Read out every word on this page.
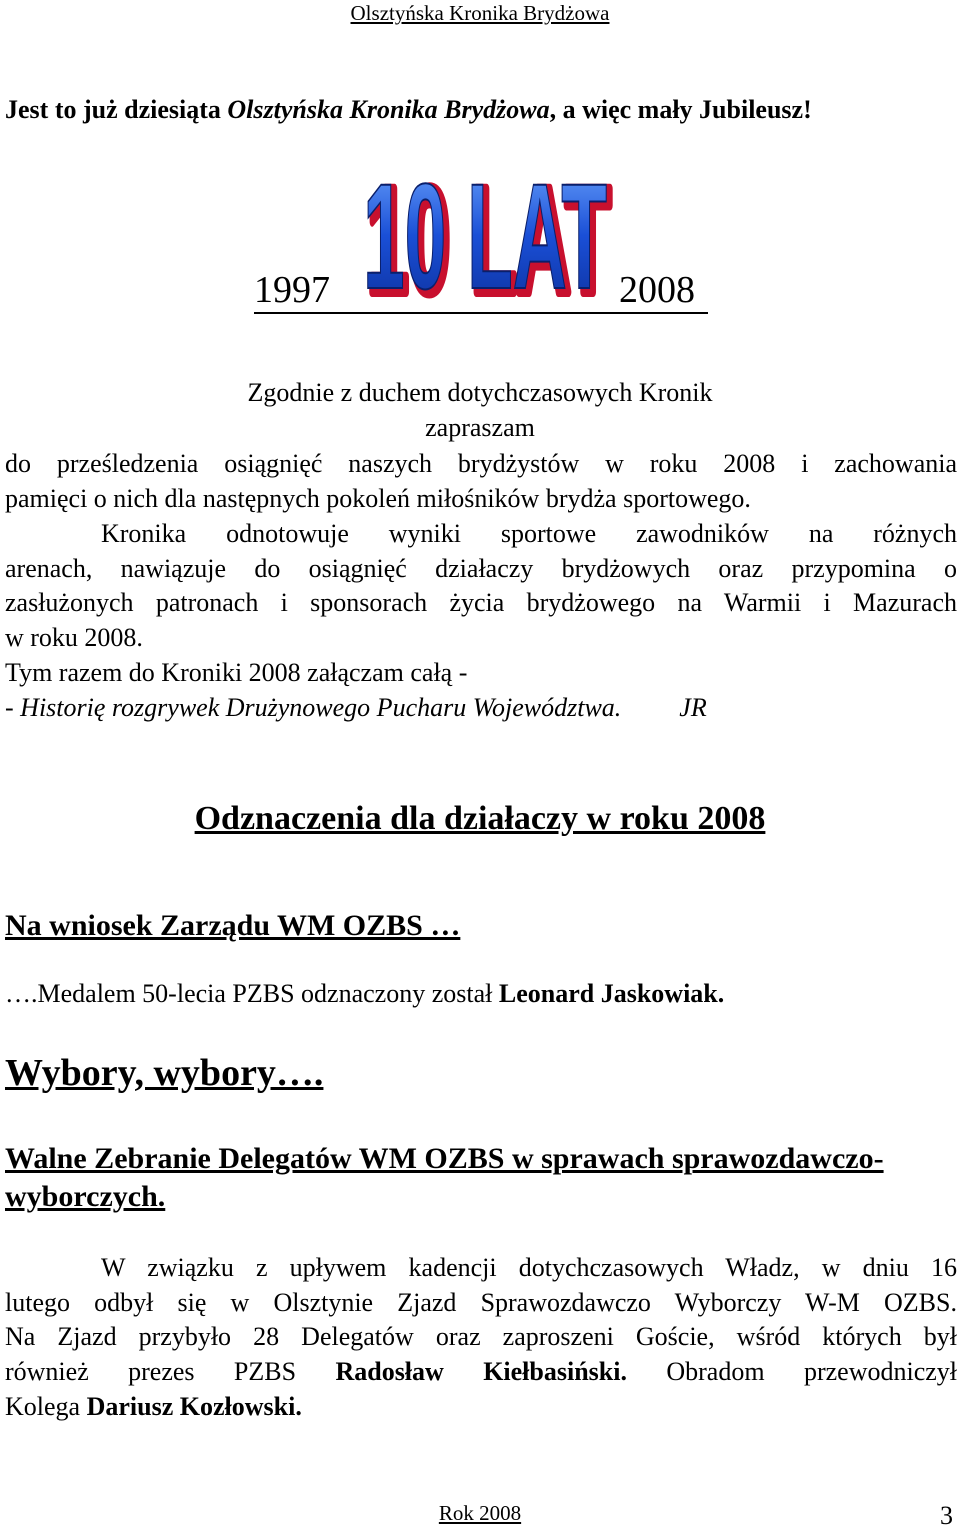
Olsztyńska Kronika Brydżowa
Jest to już dziesiąta Olsztyńska Kronika Brydżowa, a więc mały Jubileusz!
1997	2008
10 LAT
10 LAT
Zgodnie z duchem dotychczasowych Kronik
zapraszam
do prześledzenia osiągnięć naszych brydżystów w roku 2008 i zachowania
pamięci o nich dla następnych pokoleń miłośników brydża sportowego.
Kronika odnotowuje wyniki sportowe zawodników na różnych
arenach, nawiązuje do osiągnięć działaczy brydżowych oraz przypomina o
zasłużonych patronach i sponsorach życia brydżowego na Warmii i Mazurach
w roku 2008.
Tym razem do Kroniki 2008 załączam całą -
- Historię rozgrywek Drużynowego Pucharu Województwa. JR
Odznaczenia dla działaczy w roku 2008
Na wniosek Zarządu WM OZBS …
….Medalem 50-lecia PZBS odznaczony został Leonard Jaskowiak.
Wybory, wybory….
Walne Zebranie Delegatów WM OZBS w sprawach sprawozdawczo-wyborczych.
W związku z upływem kadencji dotychczasowych Władz, w dniu 16
lutego odbył się w Olsztynie Zjazd Sprawozdawczo Wyborczy W-M OZBS.
Na Zjazd przybyło 28 Delegatów oraz zaproszeni Goście, wśród których był
również prezes PZBS Radosław Kiełbasiński. Obradom przewodniczył
Kolega Dariusz Kozłowski.
Rok 2008	3
